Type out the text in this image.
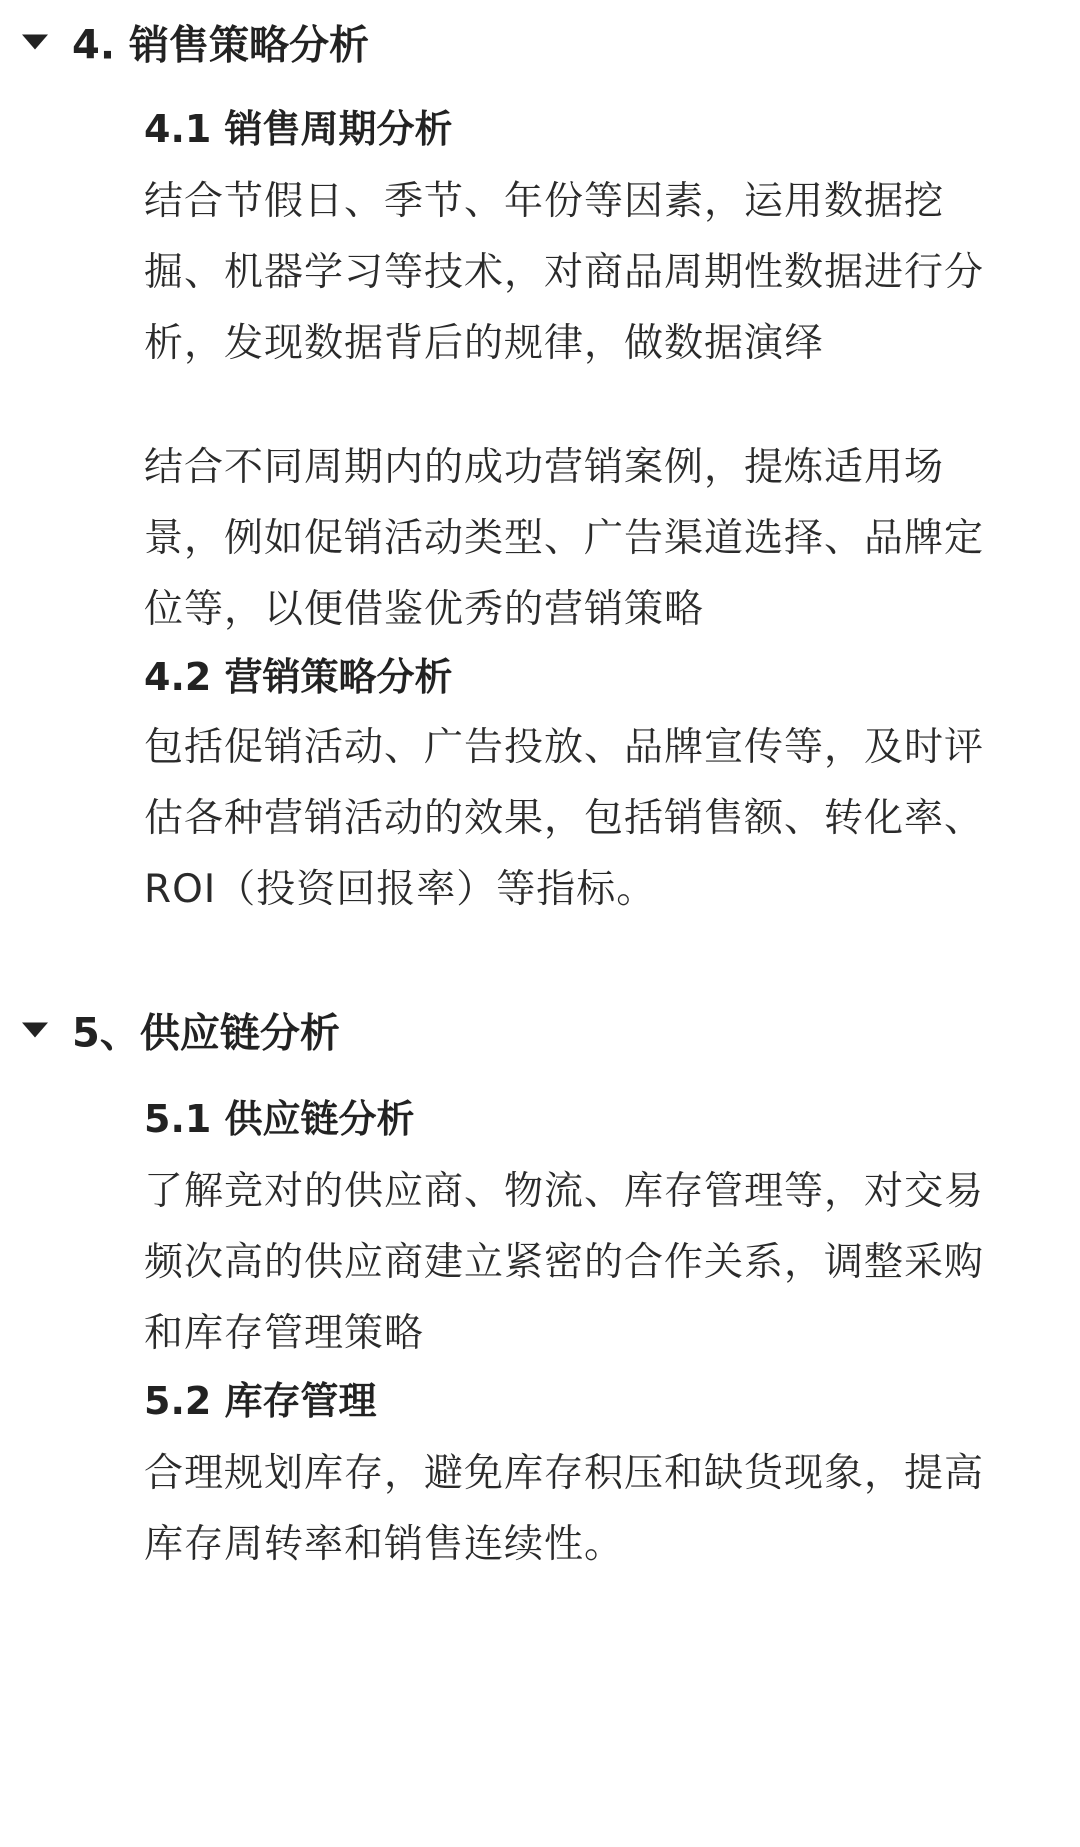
4. 销售策略分析
4.1 销售周期分析
结合节假日、季节、年份等因素，运用数据挖掘、机器学习等技术，对商品周期性数据进行分析，发现数据背后的规律，做数据演绎
结合不同周期内的成功营销案例，提炼适用场景，例如促销活动类型、广告渠道选择、品牌定位等，以便借鉴优秀的营销策略
4.2 营销策略分析
包括促销活动、广告投放、品牌宣传等，及时评估各种营销活动的效果，包括销售额、转化率、ROI（投资回报率）等指标。
5、供应链分析
5.1 供应链分析
了解竞对的供应商、物流、库存管理等，对交易频次高的供应商建立紧密的合作关系，调整采购和库存管理策略
5.2 库存管理
合理规划库存，避免库存积压和缺货现象，提高库存周转率和销售连续性。
